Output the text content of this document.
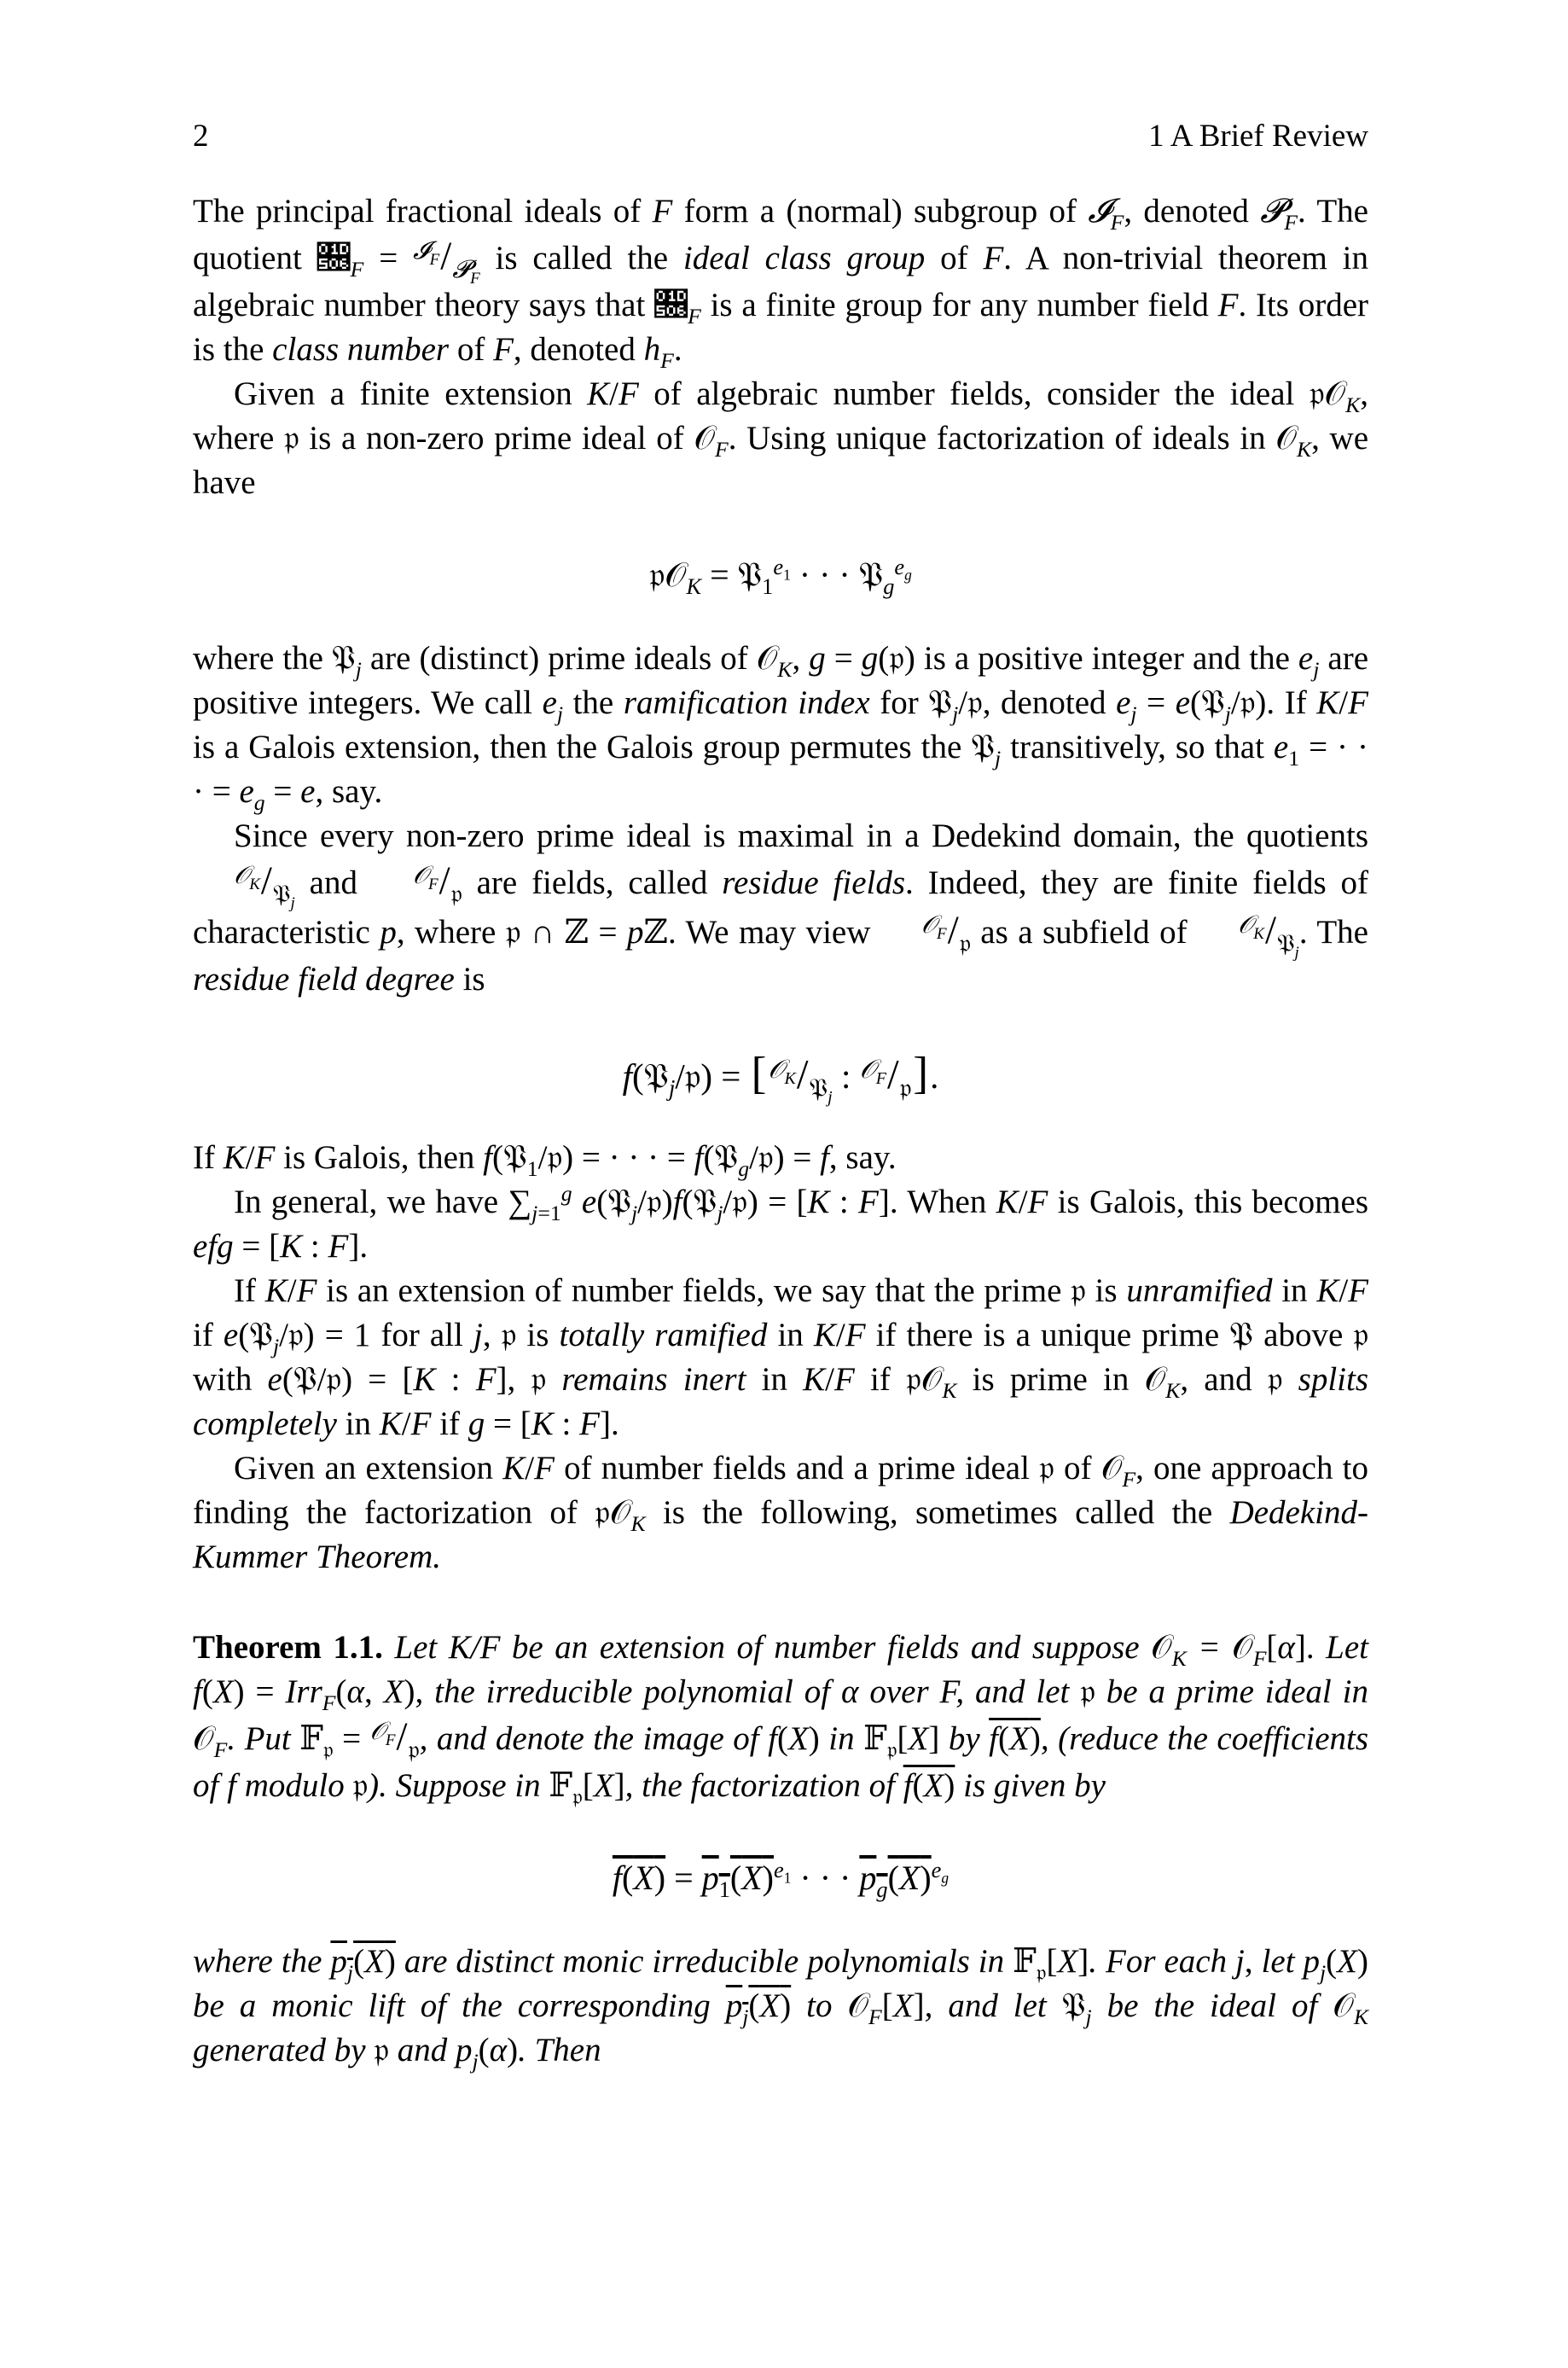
2	1 A Brief Review

The principal fractional ideals of F form a (normal) subgroup of 𝓘$_F$, denoted 𝓟$_F$. The quotient $𝔆_F = ^{𝓘_F}/_{𝓟_F}$ is called the ideal class group of F. A non-trivial theorem in algebraic number theory says that $𝔆_F$ is a finite group for any number field F. Its order is the class number of F, denoted $h_F$.

Given a finite extension K/F of algebraic number fields, consider the ideal 𝔭𝒪$_K$, where 𝔭 is a non-zero prime ideal of 𝒪$_F$. Using unique factorization of ideals in 𝒪$_K$, we have

𝔭𝒪$_K$ = 𝔓$_1^{e_1}$ · · · 𝔓$_g^{e_g}$

where the 𝔓$_j$ are (distinct) prime ideals of 𝒪$_K$, g = g(𝔭) is a positive integer and the $e_j$ are positive integers. We call $e_j$ the ramification index for 𝔓$_j$/𝔭, denoted $e_j$ = e(𝔓$_j$/𝔭). If K/F is a Galois extension, then the Galois group permutes the 𝔓$_j$ transitively, so that $e_1$ = · · · = $e_g = e$, say.

Since every non-zero prime ideal is maximal in a Dedekind domain, the quotients $^{𝒪_K}/_{𝔓_j}$ and $^{𝒪_F}/_𝔭$ are fields, called residue fields. Indeed, they are finite fields of characteristic p, where 𝔭 ∩ ℤ = pℤ. We may view $^{𝒪_F}/_𝔭$ as a subfield of $^{𝒪_K}/_{𝔓_j}$. The residue field degree is

f(𝔓$_j$/𝔭) = [$^{𝒪_K}/_{𝔓_j}$ : $^{𝒪_F}/_𝔭$].

If K/F is Galois, then f(𝔓$_1$/𝔭) = · · · = f(𝔓$_g$/𝔭) = f, say.

In general, we have $\sum_{j=1}^g$ e(𝔓$_j$/𝔭)f(𝔓$_j$/𝔭) = [K : F]. When K/F is Galois, this becomes efg = [K : F].

If K/F is an extension of number fields, we say that the prime 𝔭 is unramified in K/F if e(𝔓$_j$/𝔭) = 1 for all j, 𝔭 is totally ramified in K/F if there is a unique prime 𝔓 above 𝔭 with e(𝔓/𝔭) = [K : F], 𝔭 remains inert in K/F if 𝔭𝒪$_K$ is prime in 𝒪$_K$, and 𝔭 splits completely in K/F if g = [K : F].

Given an extension K/F of number fields and a prime ideal 𝔭 of 𝒪$_F$, one approach to finding the factorization of 𝔭𝒪$_K$ is the following, sometimes called the Dedekind-Kummer Theorem.

Theorem 1.1. Let K/F be an extension of number fields and suppose 𝒪$_K$ = 𝒪$_F$[α]. Let f(X) = Irr$_F$(α, X), the irreducible polynomial of α over F, and let 𝔭 be a prime ideal in 𝒪$_F$. Put 𝔽$_𝔭$ = $^{𝒪_F}/_𝔭$, and denote the image of f(X) in 𝔽$_𝔭$[X] by f(X), (reduce the coefficients of f modulo 𝔭). Suppose in 𝔽$_𝔭$[X], the factorization of f(X) is given by

$f(X) = p_1(X)^{e_1}$ · · · $p_g(X)^{e_g}$

where the $p_j(X)$ are distinct monic irreducible polynomials in 𝔽$_𝔭$[X]. For each j, let $p_j(X)$ be a monic lift of the corresponding $p_j(X)$ to 𝒪$_F$[X], and let 𝔓$_j$ be the ideal of 𝒪$_K$ generated by 𝔭 and $p_j(\alpha)$. Then
